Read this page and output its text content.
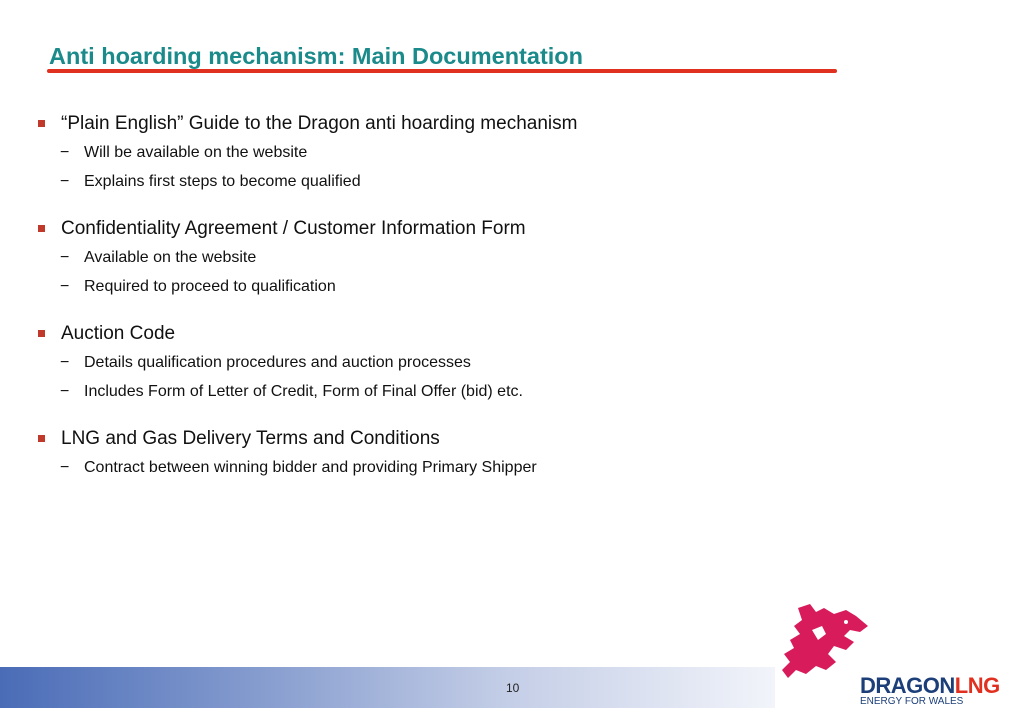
Anti hoarding mechanism: Main Documentation
“Plain English” Guide to the Dragon anti hoarding mechanism
− Will be available on the website
− Explains first steps to become qualified
Confidentiality Agreement / Customer Information Form
− Available on the website
− Required to proceed to qualification
Auction Code
− Details qualification procedures and auction processes
− Includes Form of Letter of Credit, Form of Final Offer (bid) etc.
LNG and Gas Delivery Terms and Conditions
− Contract between winning bidder and providing Primary Shipper
10	DRAGONLNG
ENERGY FOR WALES
